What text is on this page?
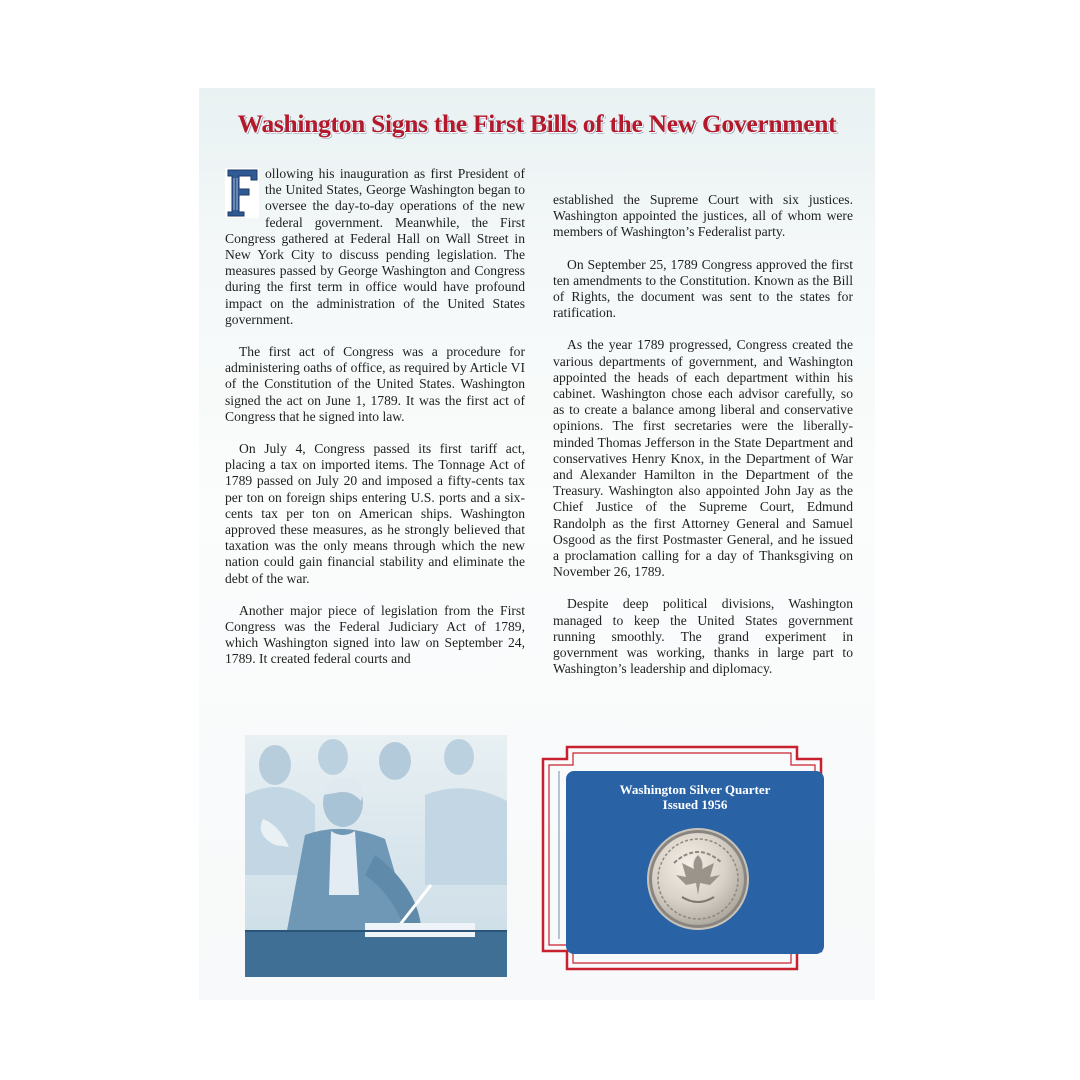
Washington Signs the First Bills of the New Government

ollowing his inauguration as first President of the United States, George Washington began to oversee the day-to-day operations of the new federal government. Meanwhile, the First Congress gathered at Federal Hall on Wall Street in New York City to discuss pending legislation. The measures passed by George Washington and Congress during the first term in office would have profound impact on the administration of the United States government.

The first act of Congress was a procedure for administering oaths of office, as required by Article VI of the Constitution of the United States. Washington signed the act on June 1, 1789. It was the first act of Congress that he signed into law.

On July 4, Congress passed its first tariff act, placing a tax on imported items. The Tonnage Act of 1789 passed on July 20 and imposed a fifty-cents tax per ton on foreign ships entering U.S. ports and a six-cents tax per ton on American ships. Washington approved these measures, as he strongly believed that taxation was the only means through which the new nation could gain financial stability and eliminate the debt of the war.

Another major piece of legislation from the First Congress was the Federal Judiciary Act of 1789, which Washington signed into law on September 24, 1789. It created federal courts and

established the Supreme Court with six justices. Washington appointed the justices, all of whom were members of Washington’s Federalist party.

On September 25, 1789 Congress approved the first ten amendments to the Constitution. Known as the Bill of Rights, the document was sent to the states for ratification.

As the year 1789 progressed, Congress created the various departments of government, and Washington appointed the heads of each department within his cabinet. Washington chose each advisor carefully, so as to create a balance among liberal and conservative opinions. The first secretaries were the liberally-minded Thomas Jefferson in the State Department and conservatives Henry Knox, in the Department of War and Alexander Hamilton in the Department of the Treasury. Washington also appointed John Jay as the Chief Justice of the Supreme Court, Edmund Randolph as the first Attorney General and Samuel Osgood as the first Postmaster General, and he issued a proclamation calling for a day of Thanksgiving on November 26, 1789.

Despite deep political divisions, Washington managed to keep the United States government running smoothly. The grand experiment in government was working, thanks in large part to Washington’s leadership and diplomacy.

Washington Silver Quarter
Issued 1956
